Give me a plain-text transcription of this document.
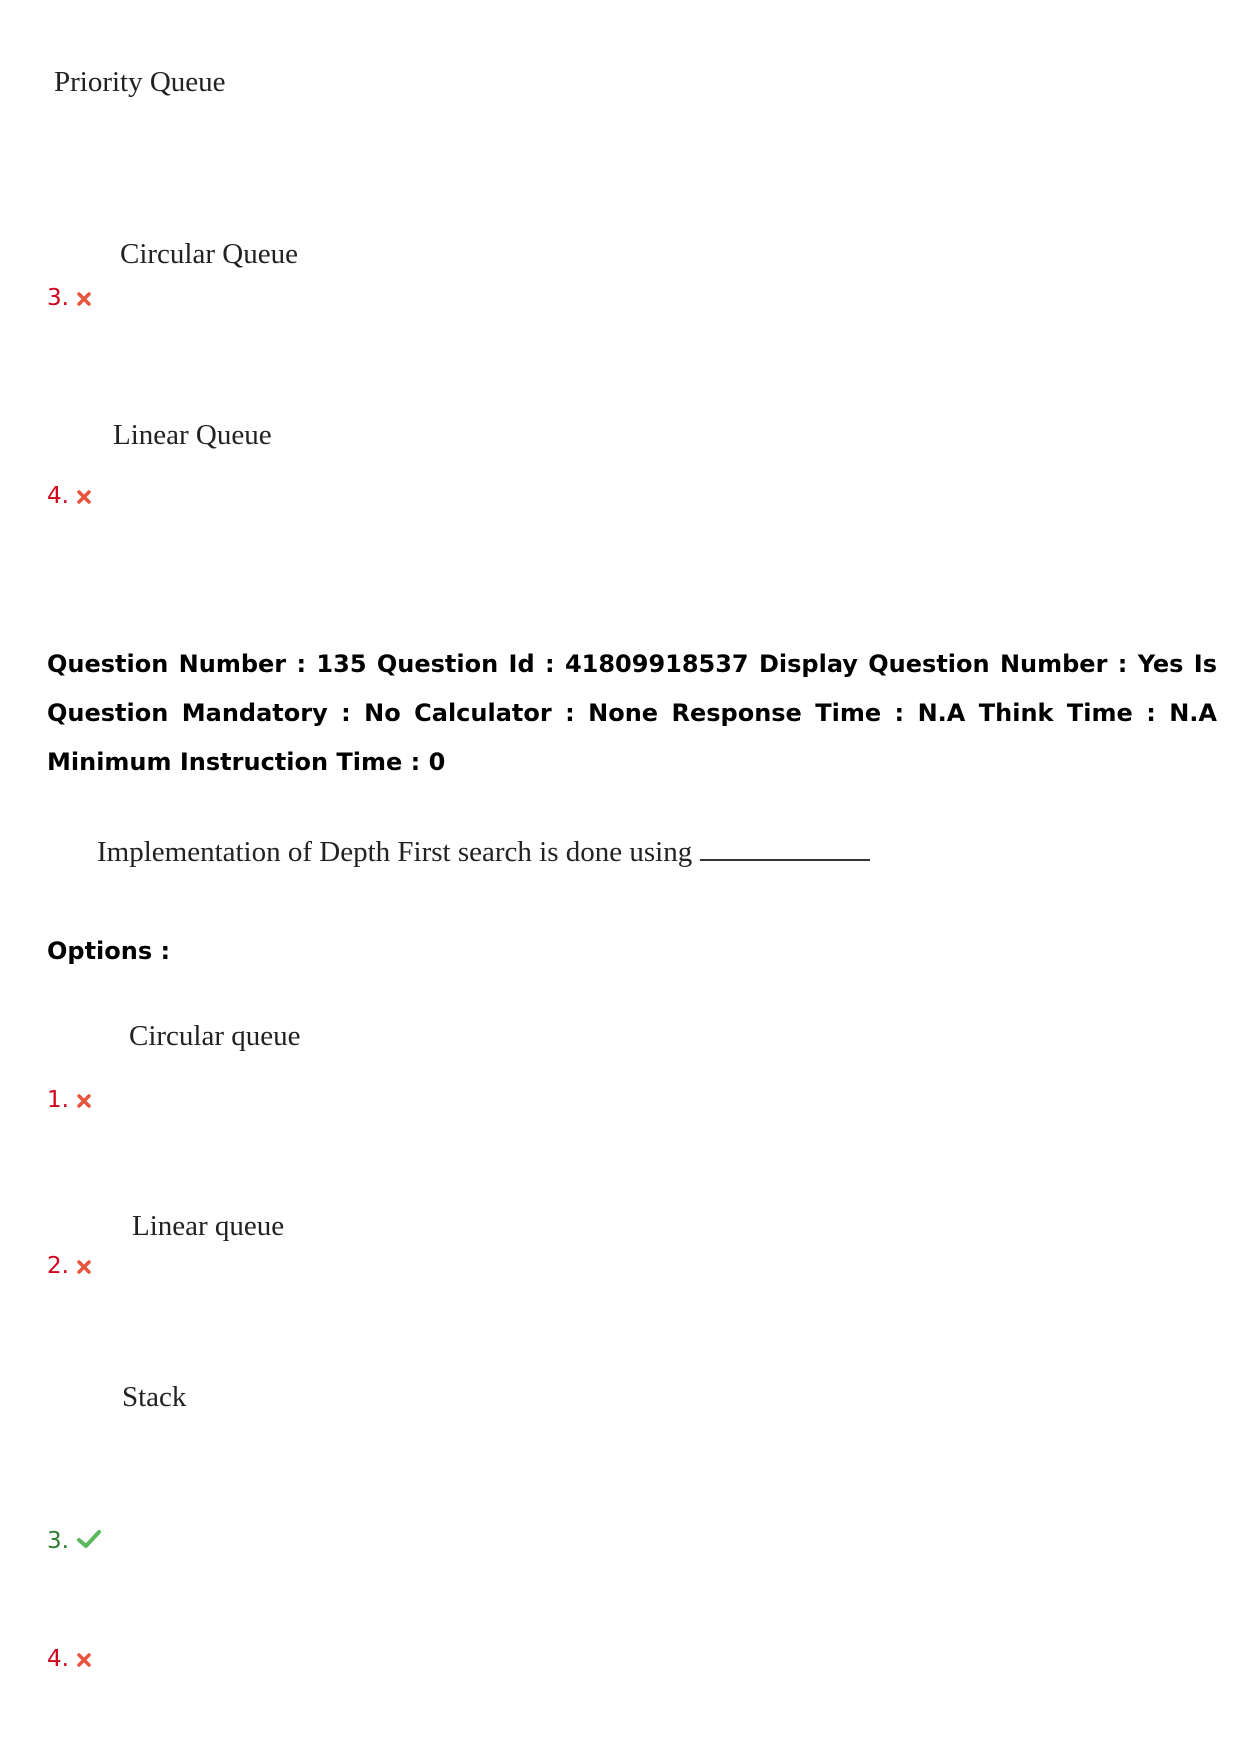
Priority Queue
Circular Queue
3.
Linear Queue
4.
Question Number : 135 Question Id : 41809918537 Display Question Number : Yes Is Question Mandatory : No Calculator : None Response Time : N.A Think Time : N.A Minimum Instruction Time : 0
Implementation of Depth First search is done using
Options :
Circular queue
1.
Linear queue
2.
Stack
3.
4.
